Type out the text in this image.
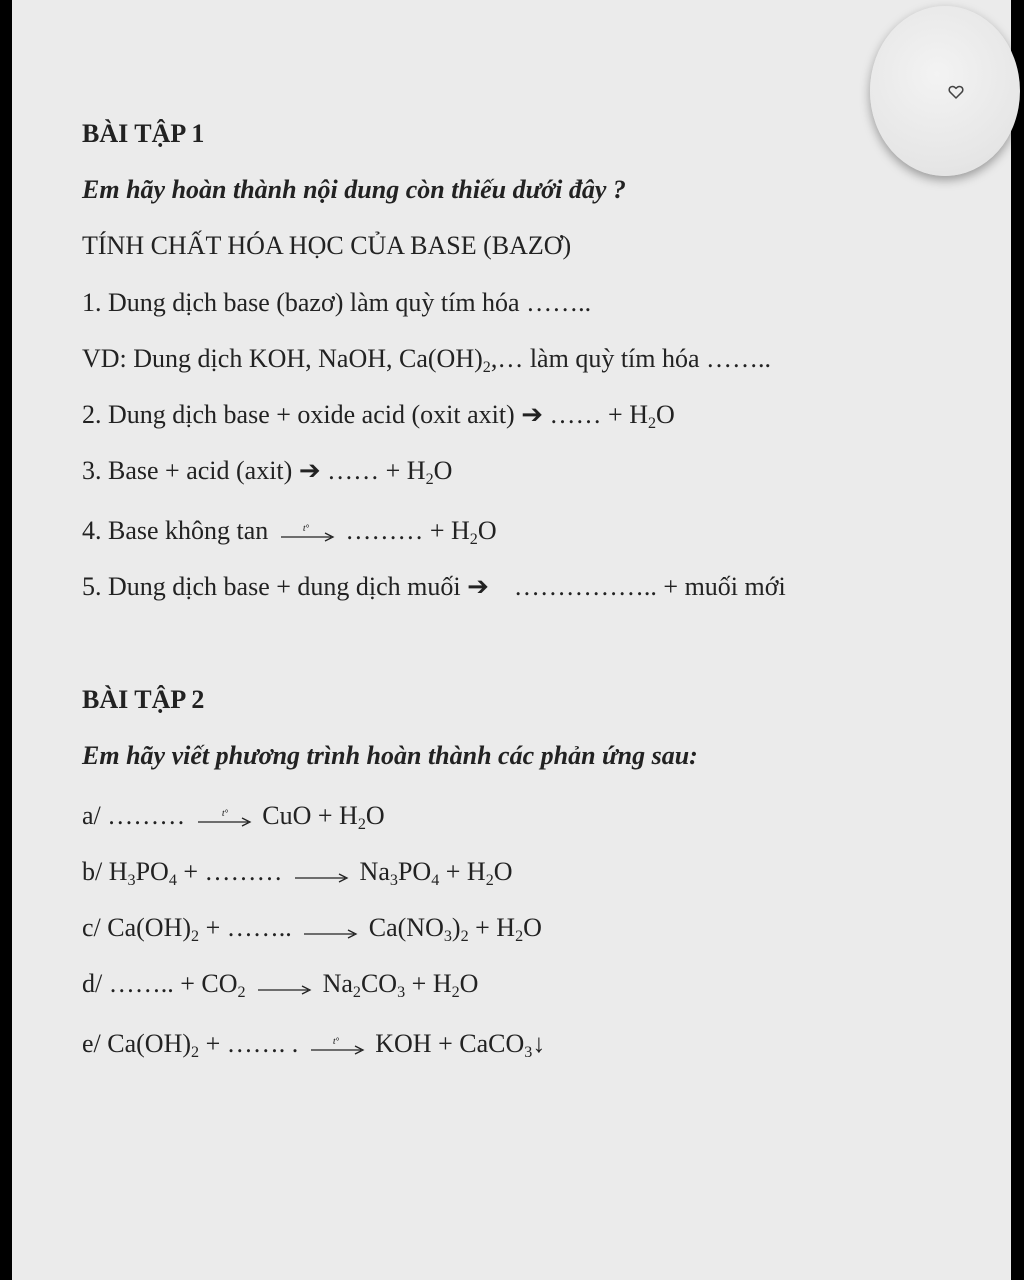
BÀI TẬP 1
Em hãy hoàn thành nội dung còn thiếu dưới đây ?
TÍNH CHẤT HÓA HỌC CỦA BASE (BAZƠ)
1. Dung dịch base (bazơ) làm quỳ tím hóa ……..
VD: Dung dịch KOH, NaOH, $Ca(OH)_2,\dots$ làm quỳ tím hóa ……..
2. Dung dịch base + oxide acid (oxit axit) ➔ …… + $H_2O$
3. Base + acid (axit) ➔ …… + $H_2O$
4. Base không tan	t° ……… + $H_2O$
5. Dung dịch base + dung dịch muối ➔ …………….. + muối mới
BÀI TẬP 2
Em hãy viết phương trình hoàn thành các phản ứng sau:
a/ ………	t° CuO + $H_2O$
b/ $H_3PO_4$ + ………	$Na_3PO_4 + H_2O$
c/ $Ca(OH)_2$ + ……..	$Ca(NO_3)_2 + H_2O$
d/ …….. + $CO_2$	$Na_2CO_3 + H_2O$
e/ $Ca(OH)_2$ + ……. .	t° KOH + CaCO$_3$↓
